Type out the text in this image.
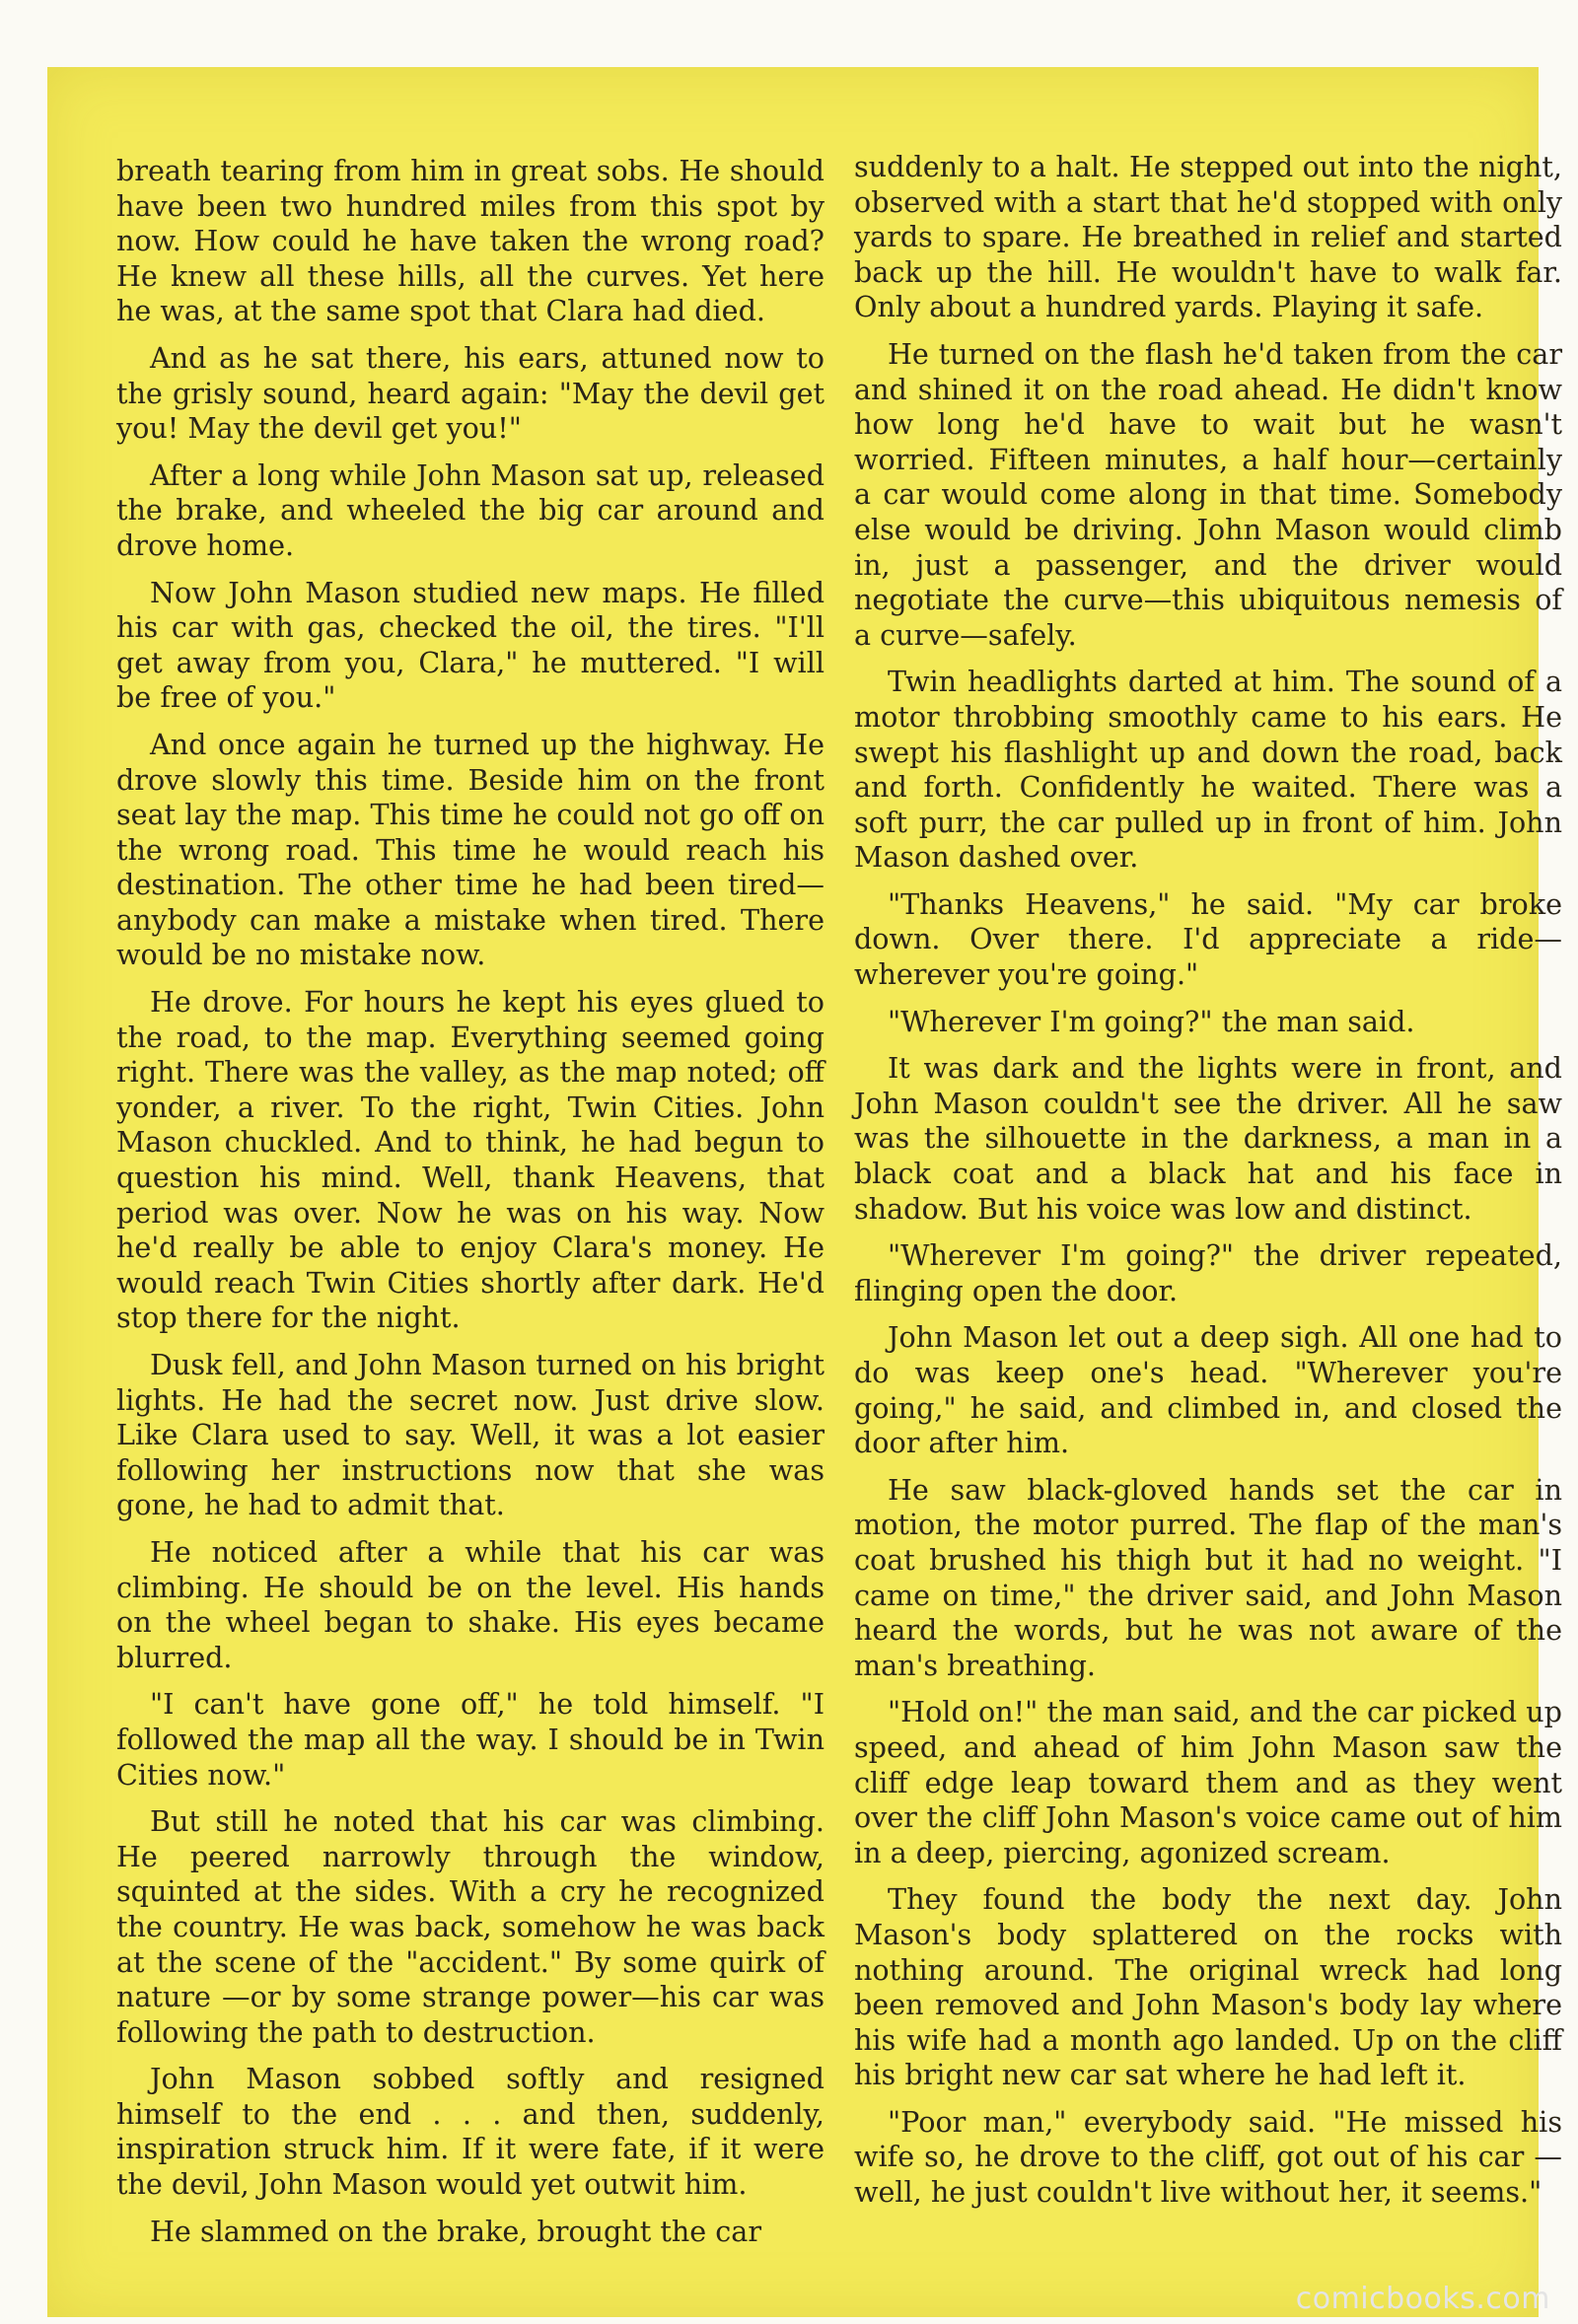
breath tearing from him in great sobs. He should have been two hundred miles from this spot by now. How could he have taken the wrong road? He knew all these hills, all the curves. Yet here he was, at the same spot that Clara had died.

And as he sat there, his ears, attuned now to the grisly sound, heard again: "May the devil get you! May the devil get you!"

After a long while John Mason sat up, released the brake, and wheeled the big car around and drove home.

Now John Mason studied new maps. He filled his car with gas, checked the oil, the tires. "I'll get away from you, Clara," he muttered. "I will be free of you."

And once again he turned up the highway. He drove slowly this time. Beside him on the front seat lay the map. This time he could not go off on the wrong road. This time he would reach his destination. The other time he had been tired—anybody can make a mistake when tired. There would be no mistake now.

He drove. For hours he kept his eyes glued to the road, to the map. Everything seemed going right. There was the valley, as the map noted; off yonder, a river. To the right, Twin Cities. John Mason chuckled. And to think, he had begun to question his mind. Well, thank Heavens, that period was over. Now he was on his way. Now he'd really be able to enjoy Clara's money. He would reach Twin Cities shortly after dark. He'd stop there for the night.

Dusk fell, and John Mason turned on his bright lights. He had the secret now. Just drive slow. Like Clara used to say. Well, it was a lot easier following her instructions now that she was gone, he had to admit that.

He noticed after a while that his car was climbing. He should be on the level. His hands on the wheel began to shake. His eyes became blurred.

"I can't have gone off," he told himself. "I followed the map all the way. I should be in Twin Cities now."

But still he noted that his car was climbing. He peered narrowly through the window, squinted at the sides. With a cry he recognized the country. He was back, somehow he was back at the scene of the "accident." By some quirk of nature —or by some strange power—his car was following the path to destruction.

John Mason sobbed softly and resigned himself to the end . . . and then, suddenly, inspiration struck him. If it were fate, if it were the devil, John Mason would yet outwit him.

He slammed on the brake, brought the car

suddenly to a halt. He stepped out into the night, observed with a start that he'd stopped with only yards to spare. He breathed in relief and started back up the hill. He wouldn't have to walk far. Only about a hundred yards. Playing it safe.

He turned on the flash he'd taken from the car and shined it on the road ahead. He didn't know how long he'd have to wait but he wasn't worried. Fifteen minutes, a half hour—certainly a car would come along in that time. Somebody else would be driving. John Mason would climb in, just a passenger, and the driver would negotiate the curve—this ubiquitous nemesis of a curve—safely.

Twin headlights darted at him. The sound of a motor throbbing smoothly came to his ears. He swept his flashlight up and down the road, back and forth. Confidently he waited. There was a soft purr, the car pulled up in front of him. John Mason dashed over.

"Thanks Heavens," he said. "My car broke down. Over there. I'd appreciate a ride—wherever you're going."

"Wherever I'm going?" the man said.

It was dark and the lights were in front, and John Mason couldn't see the driver. All he saw was the silhouette in the darkness, a man in a black coat and a black hat and his face in shadow. But his voice was low and distinct.

"Wherever I'm going?" the driver repeated, flinging open the door.

John Mason let out a deep sigh. All one had to do was keep one's head. "Wherever you're going," he said, and climbed in, and closed the door after him.

He saw black-gloved hands set the car in motion, the motor purred. The flap of the man's coat brushed his thigh but it had no weight. "I came on time," the driver said, and John Mason heard the words, but he was not aware of the man's breathing.

"Hold on!" the man said, and the car picked up speed, and ahead of him John Mason saw the cliff edge leap toward them and as they went over the cliff John Mason's voice came out of him in a deep, piercing, agonized scream.

They found the body the next day. John Mason's body splattered on the rocks with nothing around. The original wreck had long been removed and John Mason's body lay where his wife had a month ago landed. Up on the cliff his bright new car sat where he had left it.

"Poor man," everybody said. "He missed his wife so, he drove to the cliff, got out of his car — well, he just couldn't live without her, it seems."

comicbooks.com
